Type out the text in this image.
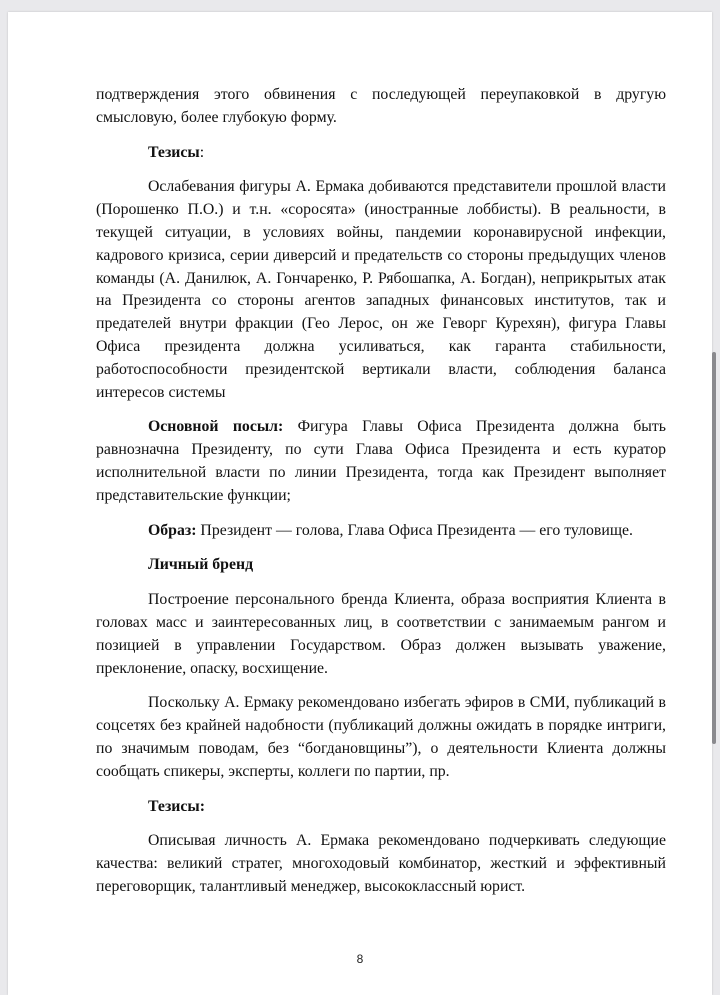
подтверждения этого обвинения с последующей переупаковкой в другую смысловую, более глубокую форму.

Тезисы:

Ослабевания фигуры А. Ермака добиваются представители прошлой власти (Порошенко П.О.) и т.н. «соросята» (иностранные лоббисты). В реальности, в текущей ситуации, в условиях войны, пандемии коронавирусной инфекции, кадрового кризиса, серии диверсий и предательств со стороны предыдущих членов команды (А. Данилюк, А. Гончаренко, Р. Рябошапка, А. Богдан), неприкрытых атак на Президента со стороны агентов западных финансовых институтов, так и предателей внутри фракции (Гео Лерос, он же Геворг Курехян), фигура Главы Офиса президента должна усиливаться, как гаранта стабильности, работоспособности президентской вертикали власти, соблюдения баланса интересов системы

Основной посыл: Фигура Главы Офиса Президента должна быть равнозначна Президенту, по сути Глава Офиса Президента и есть куратор исполнительной власти по линии Президента, тогда как Президент выполняет представительские функции;

Образ: Президент — голова, Глава Офиса Президента — его туловище.

Личный бренд

Построение персонального бренда Клиента, образа восприятия Клиента в головах масс и заинтересованных лиц, в соответствии с занимаемым рангом и позицией в управлении Государством. Образ должен вызывать уважение, преклонение, опаску, восхищение.

Поскольку А. Ермаку рекомендовано избегать эфиров в СМИ, публикаций в соцсетях без крайней надобности (публикаций должны ожидать в порядке интриги, по значимым поводам, без “богдановщины”), о деятельности Клиента должны сообщать спикеры, эксперты, коллеги по партии, пр.

Тезисы:

Описывая личность А. Ермака рекомендовано подчеркивать следующие качества: великий стратег, многоходовый комбинатор, жесткий и эффективный переговорщик, талантливый менеджер, высококлассный юрист.

8
